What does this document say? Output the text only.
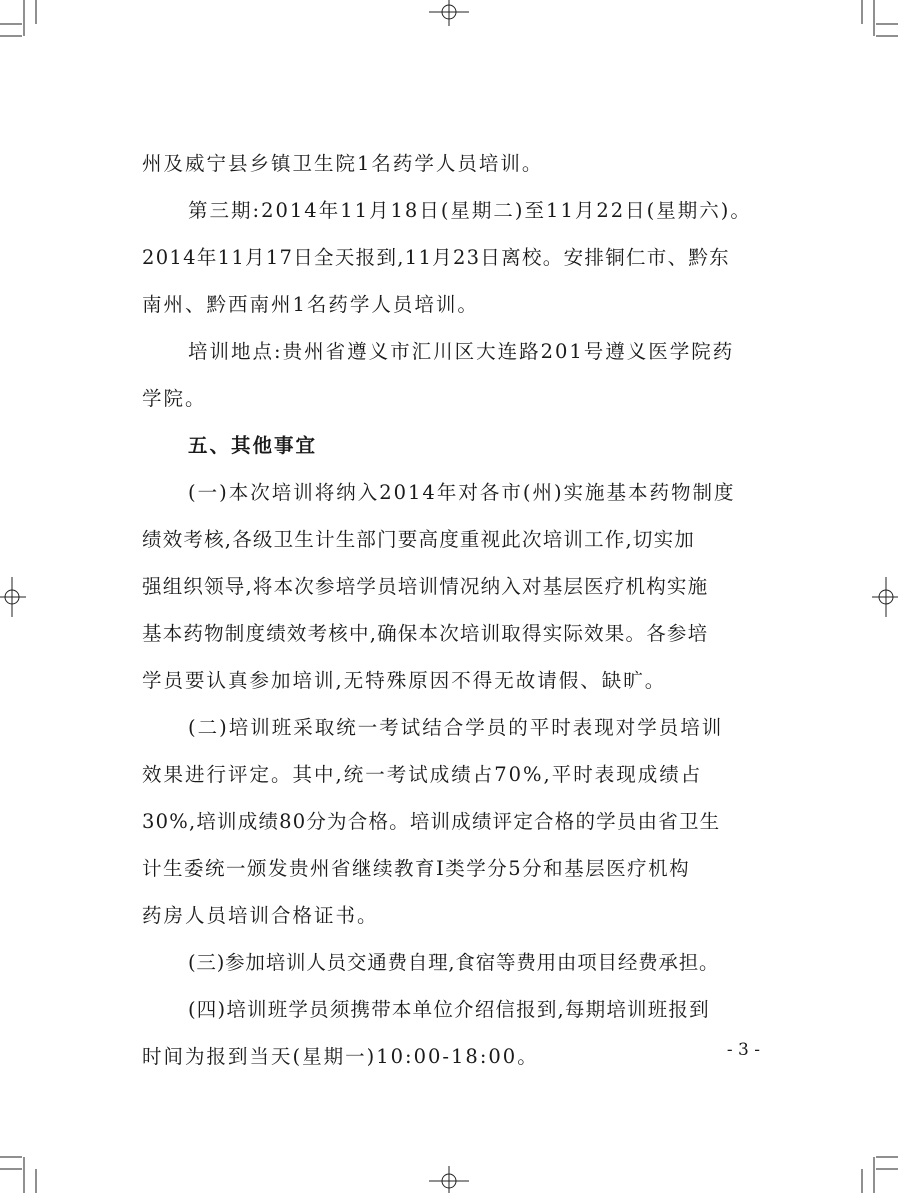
州及威宁县乡镇卫生院1名药学人员培训。
第三期:2014年11月18日(星期二)至11月22日(星期六)。
2014年11月17日全天报到,11月23日离校。安排铜仁市、黔东
南州、黔西南州1名药学人员培训。
培训地点:贵州省遵义市汇川区大连路201号遵义医学院药
学院。
五、其他事宜
(一)本次培训将纳入2014年对各市(州)实施基本药物制度
绩效考核,各级卫生计生部门要高度重视此次培训工作,切实加
强组织领导,将本次参培学员培训情况纳入对基层医疗机构实施
基本药物制度绩效考核中,确保本次培训取得实际效果。各参培
学员要认真参加培训,无特殊原因不得无故请假、缺旷。
(二)培训班采取统一考试结合学员的平时表现对学员培训
效果进行评定。其中,统一考试成绩占70%,平时表现成绩占
30%,培训成绩80分为合格。培训成绩评定合格的学员由省卫生
计生委统一颁发贵州省继续教育Ⅰ类学分5分和基层医疗机构
药房人员培训合格证书。
(三)参加培训人员交通费自理,食宿等费用由项目经费承担。
(四)培训班学员须携带本单位介绍信报到,每期培训班报到
时间为报到当天(星期一)10:00-18:00。	- 3 -
